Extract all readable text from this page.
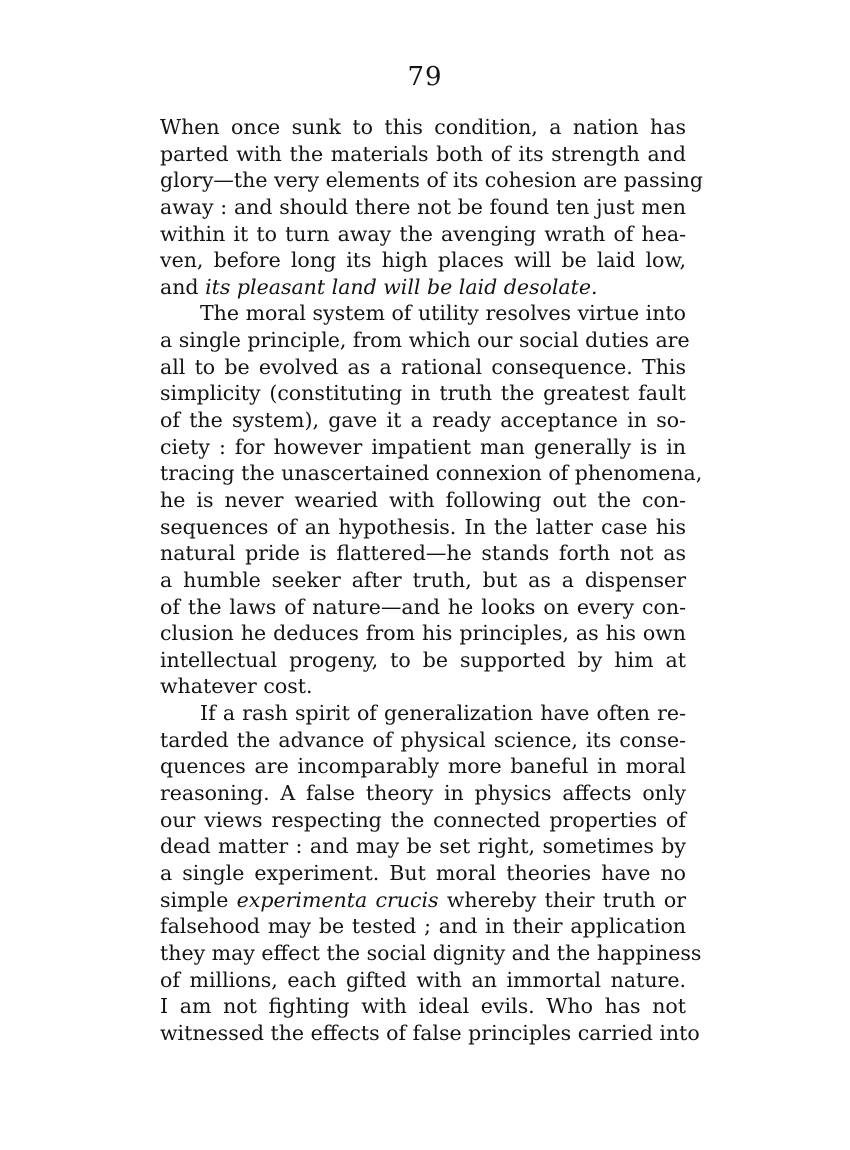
79
When once sunk to this condition, a nation has
parted with the materials both of its strength and
glory—the very elements of its cohesion are passing
away : and should there not be found ten just men
within it to turn away the avenging wrath of hea-
ven, before long its high places will be laid low,
and its pleasant land will be laid desolate.
The moral system of utility resolves virtue into
a single principle, from which our social duties are
all to be evolved as a rational consequence. This
simplicity (constituting in truth the greatest fault
of the system), gave it a ready acceptance in so-
ciety : for however impatient man generally is in
tracing the unascertained connexion of phenomena,
he is never wearied with following out the con-
sequences of an hypothesis. In the latter case his
natural pride is flattered—he stands forth not as
a humble seeker after truth, but as a dispenser
of the laws of nature—and he looks on every con-
clusion he deduces from his principles, as his own
intellectual progeny, to be supported by him at
whatever cost.
If a rash spirit of generalization have often re-
tarded the advance of physical science, its conse-
quences are incomparably more baneful in moral
reasoning. A false theory in physics affects only
our views respecting the connected properties of
dead matter : and may be set right, sometimes by
a single experiment. But moral theories have no
simple experimenta crucis whereby their truth or
falsehood may be tested ; and in their application
they may effect the social dignity and the happiness
of millions, each gifted with an immortal nature.
I am not fighting with ideal evils. Who has not
witnessed the effects of false principles carried into
